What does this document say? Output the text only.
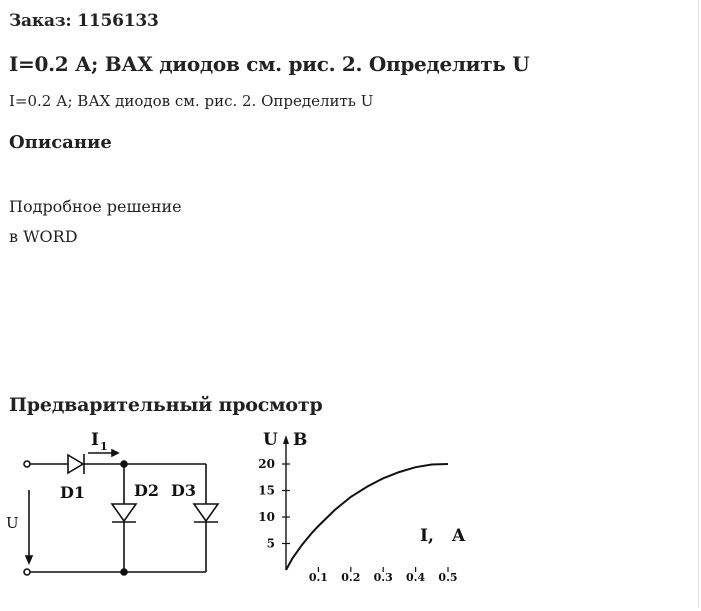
Заказ: 1156133
I=0.2 А; ВАХ диодов см. рис. 2. Определить U
I=0.2 А; ВАХ диодов см. рис. 2. Определить U
Описание
Подробное решение
в WORD
Предварительный просмотр
I 1
D1	D2 D3
U
5
10
15
20
0.1 0.2 0.3 0.4 0.5
U В
I, A
